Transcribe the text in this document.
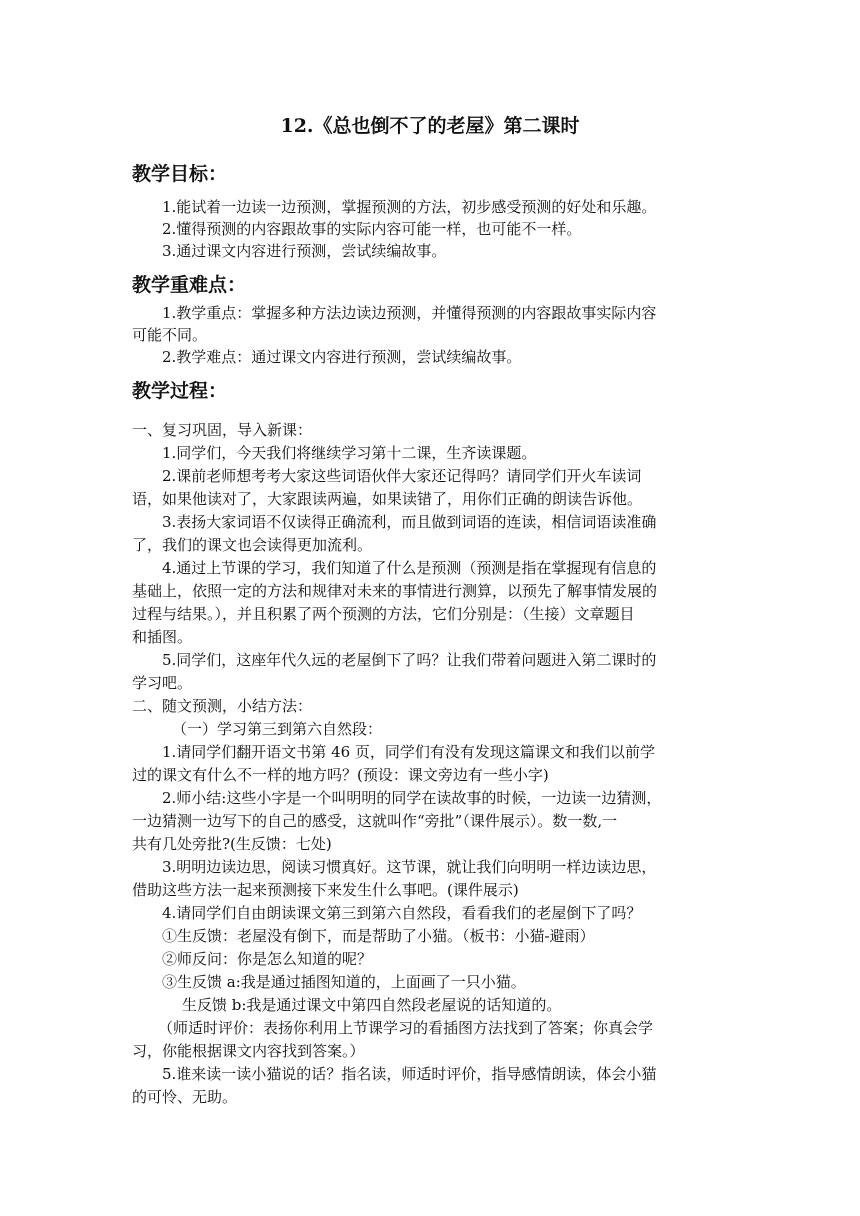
12.《总也倒不了的老屋》第二课时
教学目标：
1.能试着一边读一边预测，掌握预测的方法，初步感受预测的好处和乐趣。
2.懂得预测的内容跟故事的实际内容可能一样，也可能不一样。
3.通过课文内容进行预测，尝试续编故事。
教学重难点：
1.教学重点：掌握多种方法边读边预测，并懂得预测的内容跟故事实际内容
可能不同。
2.教学难点：通过课文内容进行预测，尝试续编故事。
教学过程：
一、复习巩固，导入新课：
1.同学们，今天我们将继续学习第十二课，生齐读课题。
2.课前老师想考考大家这些词语伙伴大家还记得吗？请同学们开火车读词
语，如果他读对了，大家跟读两遍，如果读错了，用你们正确的朗读告诉他。
3.表扬大家词语不仅读得正确流利，而且做到词语的连读，相信词语读准确
了，我们的课文也会读得更加流利。
4.通过上节课的学习，我们知道了什么是预测（预测是指在掌握现有信息的
基础上，依照一定的方法和规律对未来的事情进行测算，以预先了解事情发展的
过程与结果。），并且积累了两个预测的方法，它们分别是：（生接）文章题目
和插图。
5.同学们，这座年代久远的老屋倒下了吗？让我们带着问题进入第二课时的
学习吧。
二、随文预测，小结方法：
（一）学习第三到第六自然段：
1.请同学们翻开语文书第 46 页，同学们有没有发现这篇课文和我们以前学
过的课文有什么不一样的地方吗？(预设：课文旁边有一些小字)
2.师小结:这些小字是一个叫明明的同学在读故事的时候，一边读一边猜测，
一边猜测一边写下的自己的感受，这就叫作“旁批”（课件展示）。数一数,一
共有几处旁批?(生反馈：七处)
3.明明边读边思，阅读习惯真好。这节课，就让我们向明明一样边读边思，
借助这些方法一起来预测接下来发生什么事吧。(课件展示)
4.请同学们自由朗读课文第三到第六自然段，看看我们的老屋倒下了吗？
①生反馈：老屋没有倒下，而是帮助了小猫。（板书：小猫-避雨）
②师反问：你是怎么知道的呢？
③生反馈 a:我是通过插图知道的，上面画了一只小猫。
生反馈 b:我是通过课文中第四自然段老屋说的话知道的。
（师适时评价：表扬你利用上节课学习的看插图方法找到了答案；你真会学
习，你能根据课文内容找到答案。）
5.谁来读一读小猫说的话？指名读，师适时评价，指导感情朗读，体会小猫
的可怜、无助。
